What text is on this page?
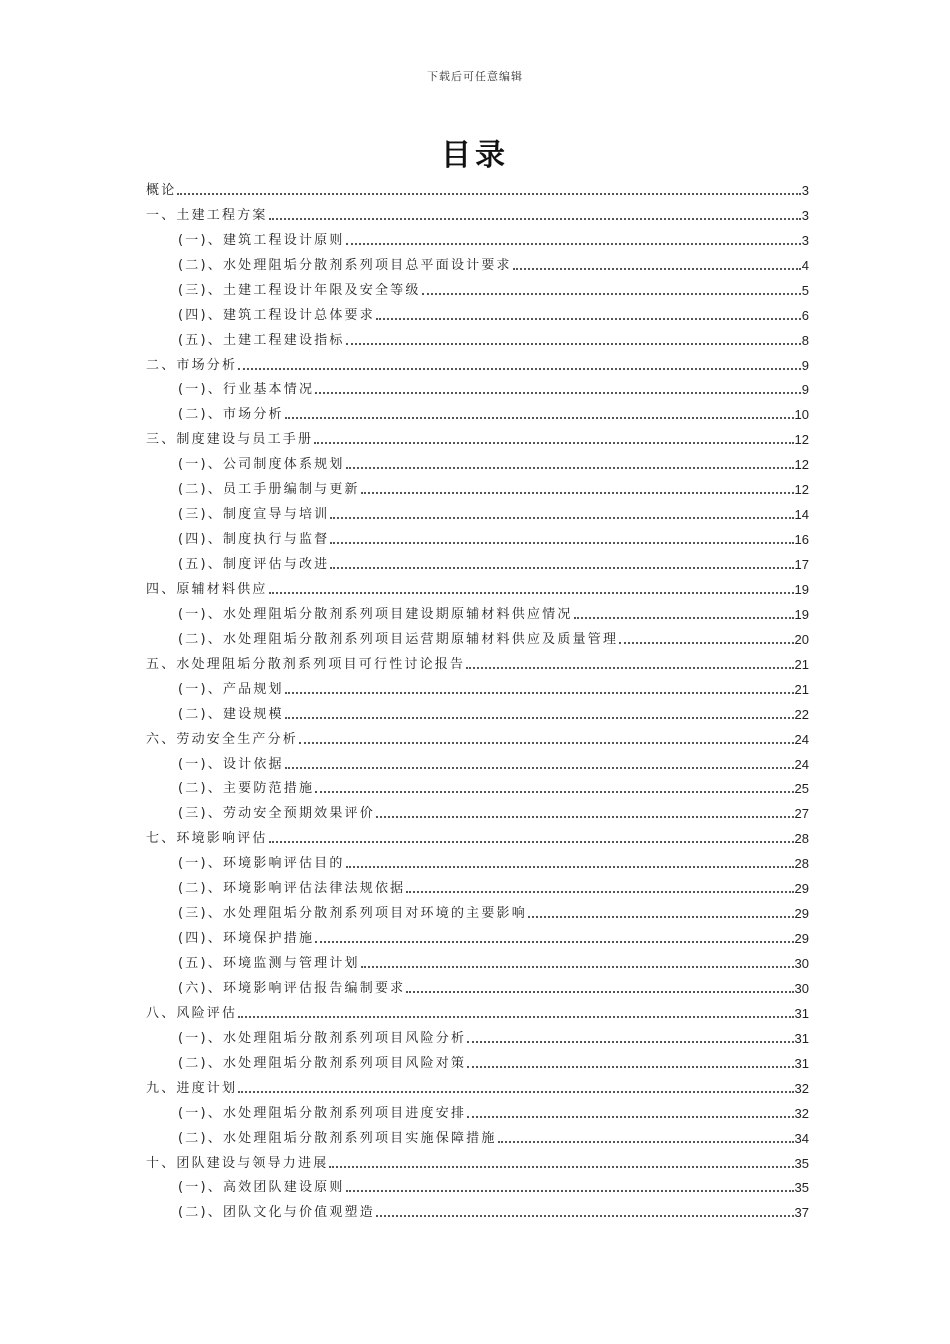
下载后可任意编辑
目录
概论	3
一、土建工程方案	3
(一)、建筑工程设计原则	3
(二)、水处理阻垢分散剂系列项目总平面设计要求	4
(三)、土建工程设计年限及安全等级	5
(四)、建筑工程设计总体要求	6
(五)、土建工程建设指标	8
二、市场分析	9
(一)、行业基本情况	9
(二)、市场分析	10
三、制度建设与员工手册	12
(一)、公司制度体系规划	12
(二)、员工手册编制与更新	12
(三)、制度宣导与培训	14
(四)、制度执行与监督	16
(五)、制度评估与改进	17
四、原辅材料供应	19
(一)、水处理阻垢分散剂系列项目建设期原辅材料供应情况	19
(二)、水处理阻垢分散剂系列项目运营期原辅材料供应及质量管理	20
五、水处理阻垢分散剂系列项目可行性讨论报告	21
(一)、产品规划	21
(二)、建设规模	22
六、劳动安全生产分析	24
(一)、设计依据	24
(二)、主要防范措施	25
(三)、劳动安全预期效果评价	27
七、环境影响评估	28
(一)、环境影响评估目的	28
(二)、环境影响评估法律法规依据	29
(三)、水处理阻垢分散剂系列项目对环境的主要影响	29
(四)、环境保护措施	29
(五)、环境监测与管理计划	30
(六)、环境影响评估报告编制要求	30
八、风险评估	31
(一)、水处理阻垢分散剂系列项目风险分析	31
(二)、水处理阻垢分散剂系列项目风险对策	31
九、进度计划	32
(一)、水处理阻垢分散剂系列项目进度安排	32
(二)、水处理阻垢分散剂系列项目实施保障措施	34
十、团队建设与领导力进展	35
(一)、高效团队建设原则	35
(二)、团队文化与价值观塑造	37
